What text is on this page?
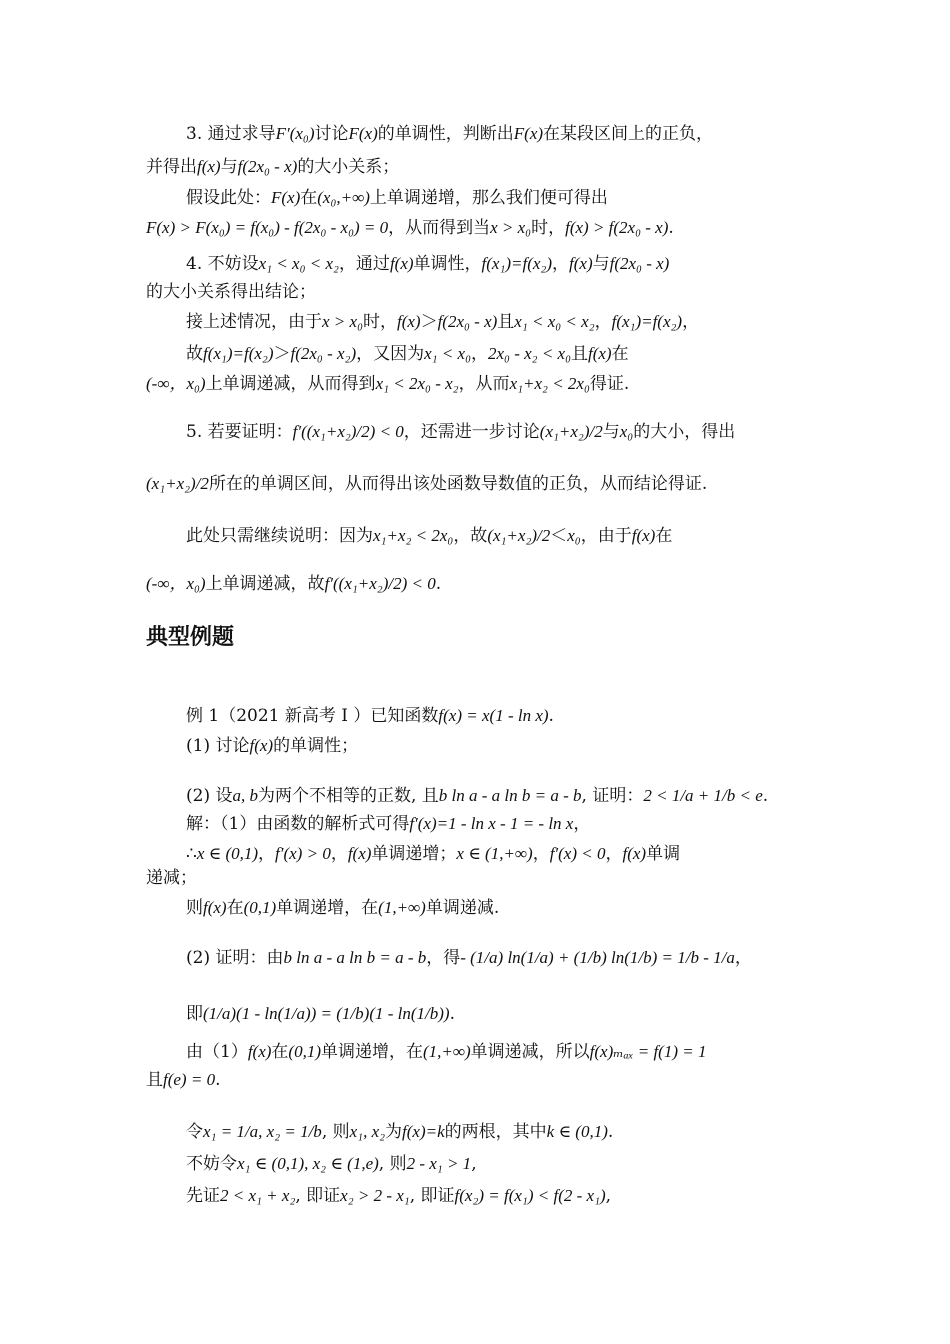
3. 通过求导F′(x₀)讨论F(x)的单调性，判断出F(x)在某段区间上的正负，
并得出f(x)与f(2x₀ - x)的大小关系；
假设此处：F(x)在(x₀,+∞)上单调递增，那么我们便可得出
F(x) > F(x₀) = f(x₀) - f(2x₀ - x₀) = 0，从而得到当x > x₀时，f(x) > f(2x₀ - x).
4. 不妨设x₁ < x₀ < x₂，通过f(x)单调性，f(x₁)=f(x₂)，f(x)与f(2x₀ - x)
的大小关系得出结论；
接上述情况，由于x > x₀时，f(x)＞f(2x₀ - x)且x₁ < x₀ < x₂，f(x₁)=f(x₂)，
故f(x₁)=f(x₂)＞f(2x₀ - x₂)，又因为x₁ < x₀，2x₀ - x₂ < x₀且f(x)在
(-∞，x₀)上单调递减，从而得到x₁ < 2x₀ - x₂，从而x₁+x₂ < 2x₀得证.
5. 若要证明：f′((x₁+x₂)/2) < 0，还需进一步讨论(x₁+x₂)/2与x₀的大小，得出
(x₁+x₂)/2所在的单调区间，从而得出该处函数导数值的正负，从而结论得证.
此处只需继续说明：因为x₁+x₂ < 2x₀，故(x₁+x₂)/2＜x₀，由于f(x)在
(-∞，x₀)上单调递减，故f′((x₁+x₂)/2) < 0.
例 1（2021 新高考 I ）已知函数f(x) = x(1 - ln x).
(1) 讨论f(x)的单调性；
(2) 设a, b为两个不相等的正数, 且b ln a - a ln b = a - b, 证明：2 < 1/a + 1/b < e.
解：（1）由函数的解析式可得f′(x)=1 - ln x - 1 = - ln x，
∴x ∈ (0,1)，f′(x) > 0，f(x)单调递增；x ∈ (1,+∞)，f′(x) < 0，f(x)单调
递减；
则f(x)在(0,1)单调递增，在(1,+∞)单调递减.
(2) 证明：由b ln a - a ln b = a - b，得- (1/a) ln(1/a) + (1/b) ln(1/b) = 1/b - 1/a，
即(1/a)(1 - ln(1/a)) = (1/b)(1 - ln(1/b)).
由（1）f(x)在(0,1)单调递增，在(1,+∞)单调递减，所以f(x)ₘₐₓ = f(1) = 1
且f(e) = 0.
令x₁ = 1/a, x₂ = 1/b, 则x₁, x₂为f(x)=k的两根，其中k ∈ (0,1).
不妨令x₁ ∈ (0,1), x₂ ∈ (1,e), 则2 - x₁ > 1,
先证2 < x₁ + x₂, 即证x₂ > 2 - x₁, 即证f(x₂) = f(x₁) < f(2 - x₁),
典型例题
